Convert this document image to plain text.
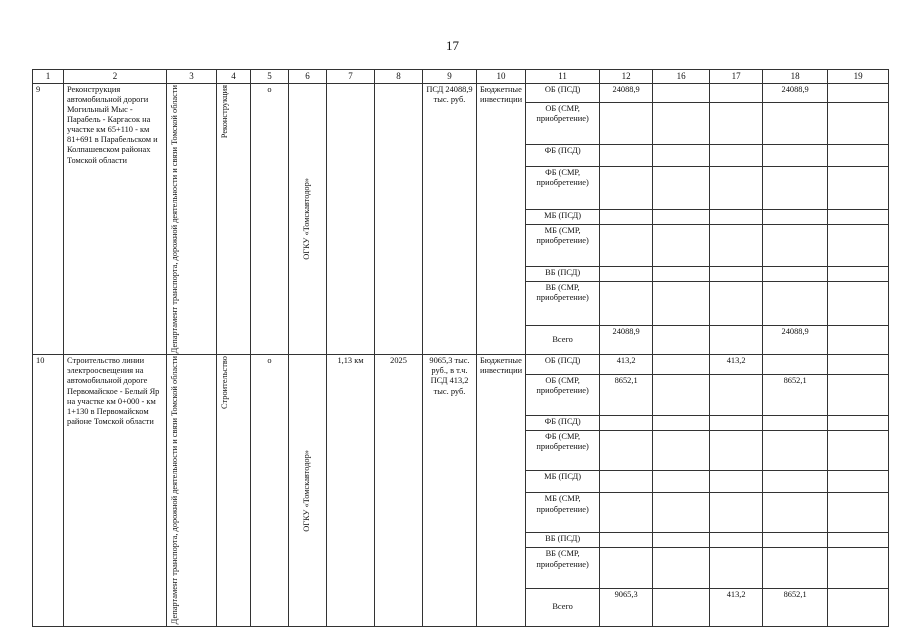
17
1	2	3	4	5	6	7	8	9	10	11	12	16	17	18	19
9	Реконструкция автомобильной дороги Могильный Мыс - Парабель - Каргасок на участке км 65+110 - км 81+691 в Парабельском и Колпашевском районах Томской области	Департамент транспорта, дорожной деятельности и связи Томской области	Реконструкция	о	ОГКУ «Томскавтодор»			ПСД 24088,9 тыс. руб.	Бюджетные инвестиции	ОБ (ПСД)	24088,9			24088,9	
										ОБ (СМР, приобретение)					
										ФБ (ПСД)					
										ФБ (СМР, приобретение)					
										МБ (ПСД)					
										МБ (СМР, приобретение)					
										ВБ (ПСД)					
										ВБ (СМР, приобретение)					
										Всего	24088,9			24088,9	
10	Строительство линии электроосвещения на автомобильной дороге Первомайское - Белый Яр на участке км 0+000 - км 1+130 в Первомайском районе Томской области	Департамент транспорта, дорожной деятельности и связи Томской области	Строительство	о	ОГКУ «Томскавтодор»	1,13 км	2025	9065,3 тыс. руб., в т.ч. ПСД 413,2 тыс. руб.	Бюджетные инвестиции	ОБ (ПСД)	413,2		413,2		
										ОБ (СМР, приобретение)	8652,1			8652,1	
										ФБ (ПСД)					
										ФБ (СМР, приобретение)					
										МБ (ПСД)					
										МБ (СМР, приобретение)					
										ВБ (ПСД)					
										ВБ (СМР, приобретение)					
										Всего	9065,3		413,2	8652,1	
